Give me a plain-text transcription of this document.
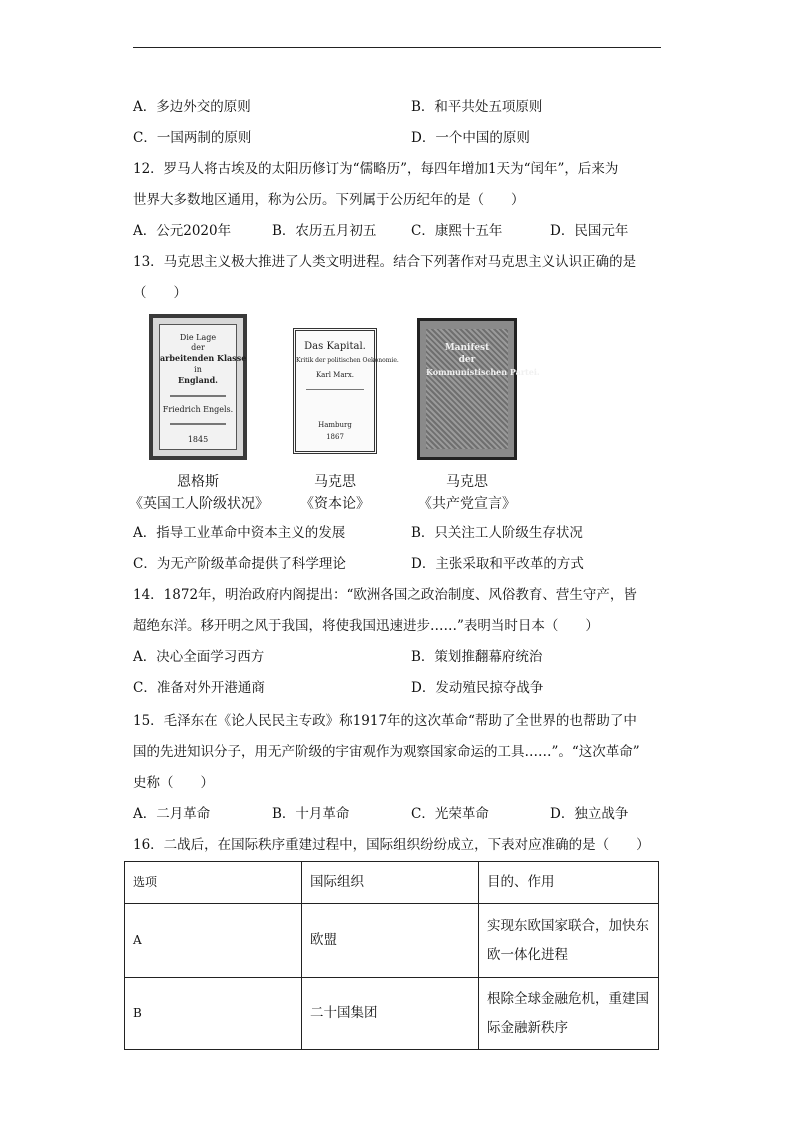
A．多边外交的原则	B．和平共处五项原则
C．一国两制的原则	D．一个中国的原则
12．罗马人将古埃及的太阳历修订为“儒略历”，每四年增加1天为“闰年”，后来为
世界大多数地区通用，称为公历。下列属于公历纪年的是（　　）
A．公元2020年	B．农历五月初五	C．康熙十五年	D．民国元年
13．马克思主义极大推进了人类文明进程。结合下列著作对马克思主义认识正确的是
（　　）
Die Lage
der
arbeitenden Klasse
in
England.
Friedrich Engels.
1845
Das Kapital.
Kritik der politischen Oekonomie.
Karl Marx.
Hamburg
1867
Manifest
der
Kommunistischen Partei.
恩格斯
《英国工人阶级状况》
马克思
《资本论》
马克思
《共产党宣言》
A．指导工业革命中资本主义的发展	B．只关注工人阶级生存状况
C．为无产阶级革命提供了科学理论	D．主张采取和平改革的方式
14．1872年，明治政府内阁提出：“欧洲各国之政治制度、风俗教育、营生守产，皆
超绝东洋。移开明之风于我国，将使我国迅速进步……”表明当时日本（　　）
A．决心全面学习西方	B．策划推翻幕府统治
C．准备对外开港通商	D．发动殖民掠夺战争
15．毛泽东在《论人民民主专政》称1917年的这次革命“帮助了全世界的也帮助了中
国的先进知识分子，用无产阶级的宇宙观作为观察国家命运的工具……”。“这次革命”
史称（　　）
A．二月革命	B．十月革命	C．光荣革命	D．独立战争
16．二战后，在国际秩序重建过程中，国际组织纷纷成立，下表对应准确的是（　　）
选项	国际组织	目的、作用
A	欧盟	实现东欧国家联合，加快东
欧一体化进程

B	二十国集团	根除全球金融危机，重建国
际金融新秩序
